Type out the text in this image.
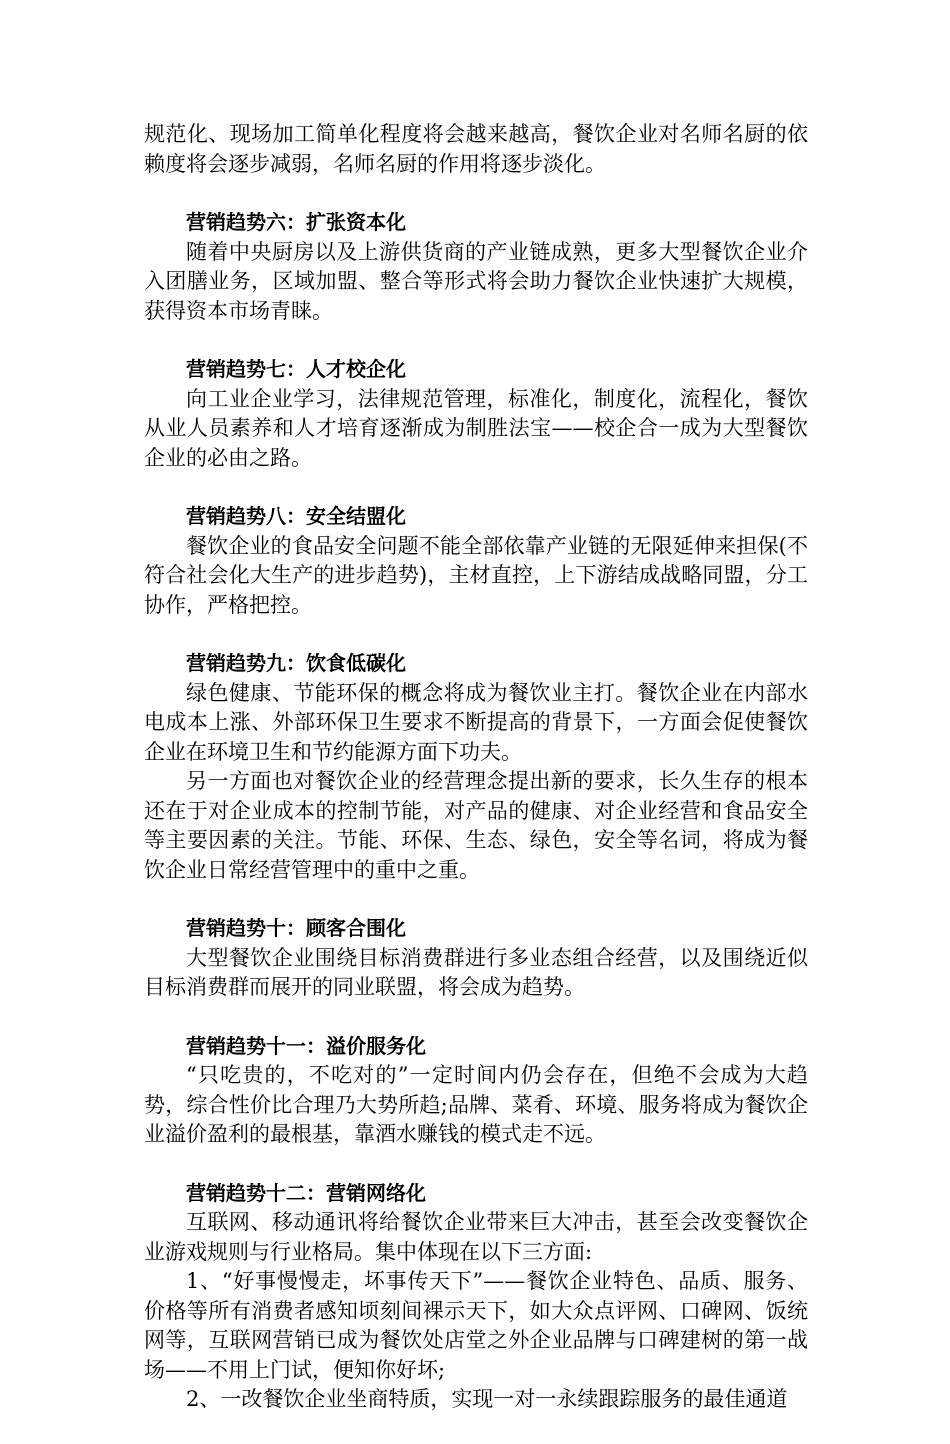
规范化、现场加工简单化程度将会越来越高，餐饮企业对名师名厨的依赖度将会逐步减弱，名师名厨的作用将逐步淡化。

营销趋势六：扩张资本化

随着中央厨房以及上游供货商的产业链成熟，更多大型餐饮企业介入团膳业务，区域加盟、整合等形式将会助力餐饮企业快速扩大规模，获得资本市场青睐。

营销趋势七：人才校企化

向工业企业学习，法律规范管理，标准化，制度化，流程化，餐饮从业人员素养和人才培育逐渐成为制胜法宝——校企合一成为大型餐饮企业的必由之路。

营销趋势八：安全结盟化

餐饮企业的食品安全问题不能全部依靠产业链的无限延伸来担保(不符合社会化大生产的进步趋势)，主材直控，上下游结成战略同盟，分工协作，严格把控。

营销趋势九：饮食低碳化

绿色健康、节能环保的概念将成为餐饮业主打。餐饮企业在内部水电成本上涨、外部环保卫生要求不断提高的背景下，一方面会促使餐饮企业在环境卫生和节约能源方面下功夫。

另一方面也对餐饮企业的经营理念提出新的要求，长久生存的根本还在于对企业成本的控制节能，对产品的健康、对企业经营和食品安全等主要因素的关注。节能、环保、生态、绿色，安全等名词，将成为餐饮企业日常经营管理中的重中之重。

营销趋势十：顾客合围化

大型餐饮企业围绕目标消费群进行多业态组合经营，以及围绕近似目标消费群而展开的同业联盟，将会成为趋势。

营销趋势十一：溢价服务化

“只吃贵的，不吃对的”一定时间内仍会存在，但绝不会成为大趋势，综合性价比合理乃大势所趋;品牌、菜肴、环境、服务将成为餐饮企业溢价盈利的最根基，靠酒水赚钱的模式走不远。

营销趋势十二：营销网络化

互联网、移动通讯将给餐饮企业带来巨大冲击，甚至会改变餐饮企业游戏规则与行业格局。集中体现在以下三方面:

1、“好事慢慢走，坏事传天下”——餐饮企业特色、品质、服务、价格等所有消费者感知顷刻间裸示天下，如大众点评网、口碑网、饭统网等，互联网营销已成为餐饮处店堂之外企业品牌与口碑建树的第一战场——不用上门试，便知你好坏;

2、一改餐饮企业坐商特质，实现一对一永续跟踪服务的最佳通道
